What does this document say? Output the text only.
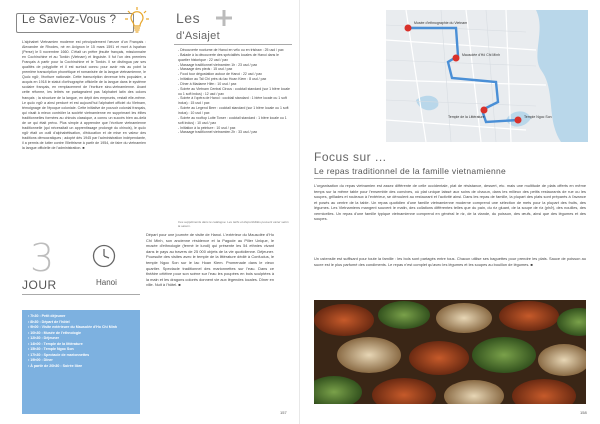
Le Saviez-Vous ?
L'alphabet Vietnamien moderne est principalement l'œuvre d'un Français : Alexandre de Rhodes, né en Avignon le 15 mars 1591 et mort à Ispahan (Perse) le 5 novembre 1660. C'était un prêtre jésuite français, missionnaire en Cochinchine et au Tonkin (Vietnam) et linguiste. Il fut l'un des premiers Français à partir pour la Cochinchine et le Tonkin. Il se distingua par ses qualités de polyglotte et il est surtout connu pour avoir mis au point la première transcription phonétique et romanisée de la langue vietnamienne, le Quốc ngữ, l'écriture nationale. Cette transcription devenue très populaire, a acquis en 1918 le statut d'orthographe officielle de la langue dans le système scolaire français, en remplacement de l'écriture sino-vietnamienne. Avant cette réforme, les lettrés ne partageaient pas l'alphabet latin des colons français ; la structure de la langue, en dépit des emprunts, restait elle-même. Le quốc ngữ a ainsi perduré et est aujourd'hui l'alphabet officiel du Vietnam, témoignage de l'époque coloniale. Cette initiative de pouvoir colonial français, qui visait à mieux contrôler la société vietnamienne en supprimant les élites traditionnelles formées au chinois classique, a connu un succès bien au-delà de ce qui était prévu. Plus simple à apprendre que l'écriture vietnamienne traditionnelle (qui nécessitait un apprentissage prolongé du chinois), le quốc ngữ était un outil d'alphabétisation, d'éducation et de mise en valeur des traditions démocratiques ; adopté dès 1945 par l'administration indépendante, il a permis de lutter contre l'illettrisme à partir de 1954, de faire du vietnamien la langue officielle de l'administration. ■
Les
d'Asiajet
- Découverte nocturne de Hanoi en vélo ou en trishaw : 25 usd / pax
- Balade à la découverte des spécialités locales de Hanoi dans le quartier historique : 22 usd / pax
- Massage traditionnel vietnamien 1h : 23 usd / pax
- Massage des pieds : 15 usd / pax
- Food tour dégustation autour de Hanoi : 22 usd / pax
- Initiation au Taï Chi près du lac Hoan Kiem : 8 usd / pax
- Dîner à Madame Hiền : 10 usd / pax
- Soirée au Vietnam Central Circus : cocktail standard (sur 1 bière locale ou 1 soft indus) : 12 usd / pax
- Soirée à l'opéra de Hanoi : cocktail standard : 1 bière locale ou 1 soft indus) : 15 usd / pax
- Soirée au Legend Beer : cocktail standard (sur 1 bière locale ou 1 soft indus) : 10 usd / pax
- Soirée au rooftop Lotte Tower : cocktail standard : 1 bière locale ou 1 soft indus) : 10 usd / pax
- Initiation à la peinture : 10 usd / pax
- Massage traditionnel vietnamien 2h : 33 usd / pax
Ces suppléments dans le catalogue. Les tarifs et disponibilités peuvent varier selon la saison.
3
JOUR	Hanoi
• 7h30 : Petit déjeuner
• 8h30 : Départ de l'hôtel
• 9h00 : Visite extérieure du Mausolée d'Ho Chi Minh
• 10h30 : Musée de l'ethnologie
• 12h30 : Déjeuner
• 14h00 : Temple de la littérature
• 15h30 : Temple Ngoc Son
• 17h30 : Spectacle de marionnettes
• 19h00 : Dîner
• À partir de 20h30 : Soirée libre
Départ pour une journée de visite de Hanoi. L'extérieur du Mausolée d'Ho Chi Minh, son ancienne résidence et la Pagode au Pilier Unique, le musée d'ethnologie (fermé le lundi) qui présente les 54 ethnies vivant dans le pays au travers de 25 000 objets de la vie quotidienne. Déjeuner. Poursuite des visites avec le temple de la littérature dédié à Confucius, le temple Ngoc Son sur le lac Hoan Kiem. Promenade dans le vieux quartier. Spectacle traditionnel des marionnettes sur l'eau. Dans ce théâtre célèbre pour son scène sur l'eau les poupées en bois sculptées à la main et les dragons colorés donnent vie aux légendes locales. Dîner en ville. Nuit à l'hôtel. ■
157
Musée d'ethnographie du Vietnam
Mausolée d'Hô Chi Minh
Temple de la Littérature	Temple Ngoc Son
Focus sur ...
Le repas traditionnel de la famille vietnamienne
L'organisation du repas vietnamien est assez différente de celle occidentale, plat de résistance, dessert, etc. mais une multitude de plats offerts en même temps sur la même table pour l'ensemble des convives, où plat unique laissé aux soins de chacun, dans les milieux des petits restaurants de rue ou les soupes, grillades et rouleaux à l'extérieur, se déroulent au restaurant et l'activité ainsi. Dans les repas de famille, la plupart des plats sont préparés à l'avance et posés au centre de la table. Un repas quotidien d'une famille vietnamienne moderne comprend une sélection de mets pour la plupart des fruits, des légumes. Les Vietnamiens mangent souvent le matin, des collations différentes telles que du pain, du riz gluant, de la soupe de riz (phở), des nouilles, des vermicelles. Un repas d'une famille typique vietnamienne comprend en général le riz, de la viande, du poisson, des œufs, ainsi que des légumes et des soupes.
Un ustensile est suffisant pour toute la famille : les bols sont partagés entre tous. Chacun utilise ses baguettes pour prendre les plats. Sauce de poisson au sucre est le plus parfumé des condiments. Le repas n'est complet qu'avec les légumes et les soupes au bouillon de légumes. ■
158
